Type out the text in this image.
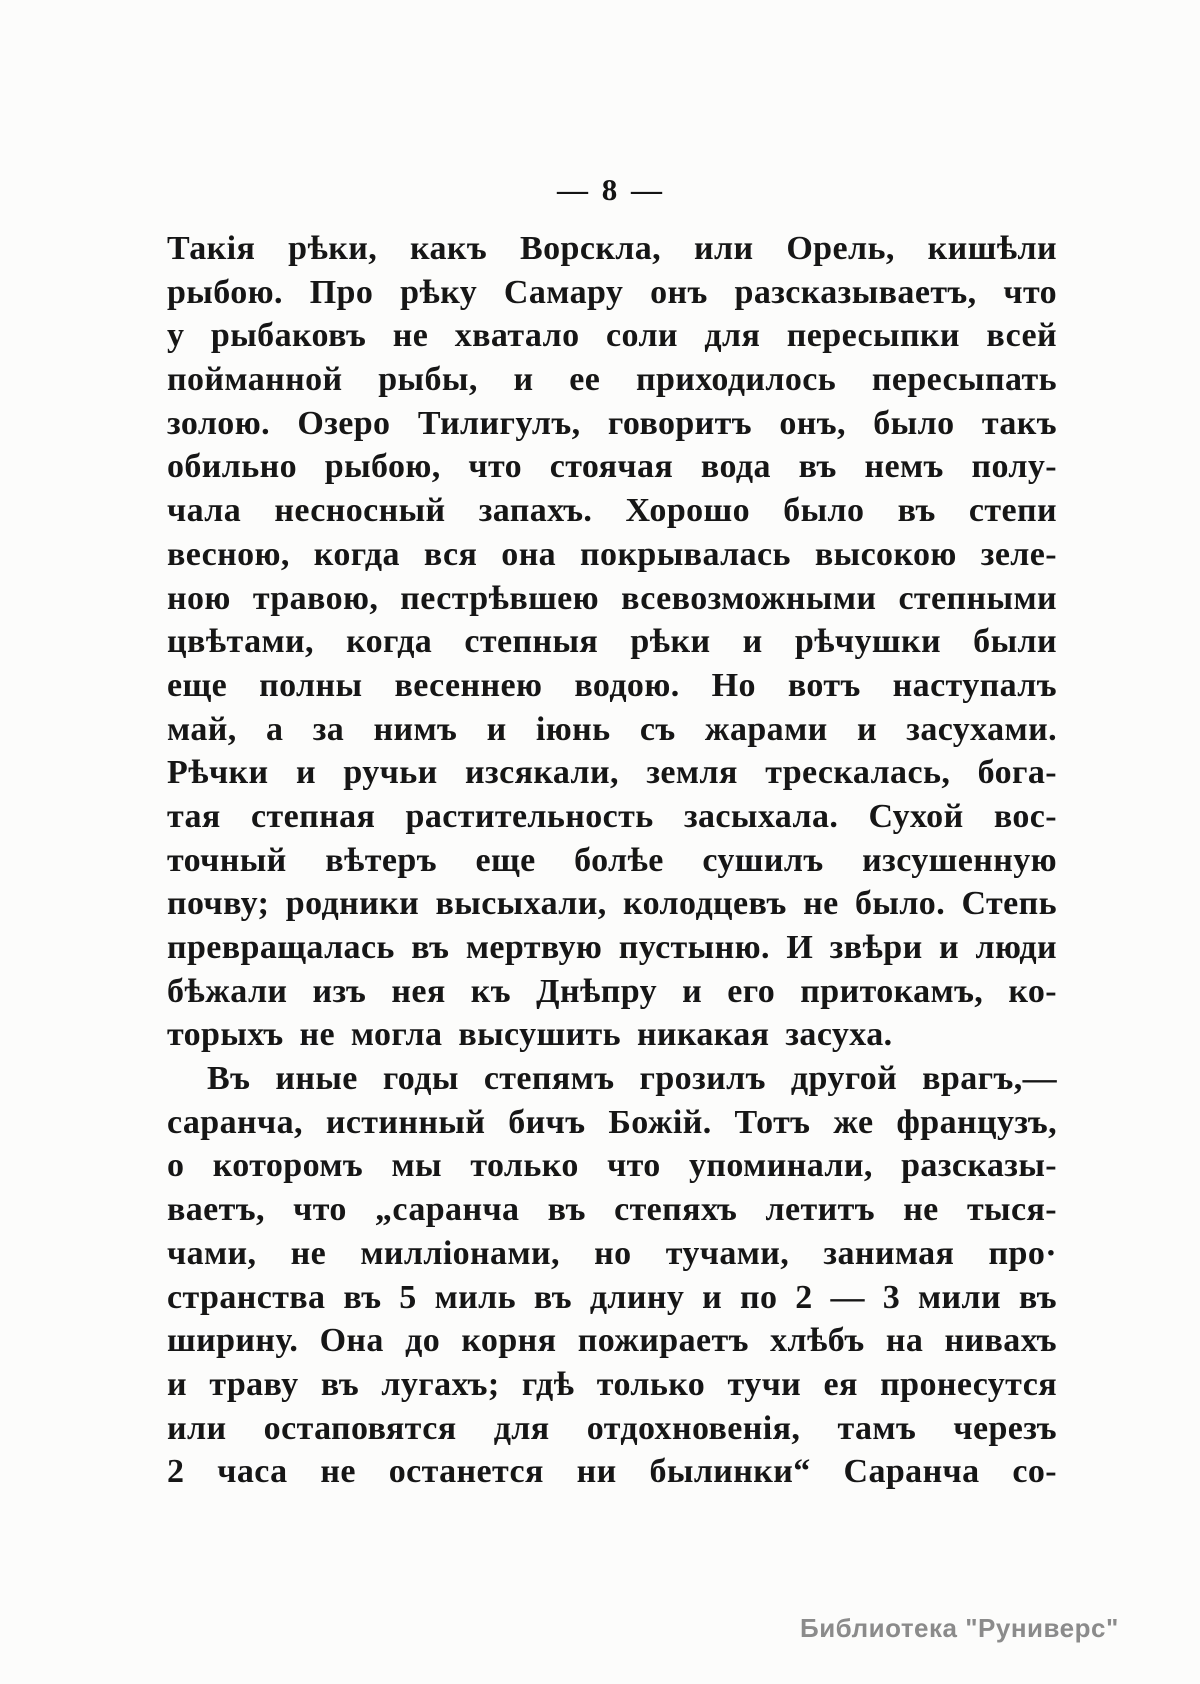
— 8 —
Такія рѣки, какъ Ворскла, или Орель, кишѣли
рыбою. Про рѣку Самару онъ разсказываетъ, что
у рыбаковъ не хватало соли для пересыпки всей
пойманной рыбы, и ее приходилось пересыпать
золою. Озеро Тилигулъ, говоритъ онъ, было такъ
обильно рыбою, что стоячая вода въ немъ полу-
чала несносный запахъ. Хорошо было въ степи
весною, когда вся она покрывалась высокою зеле-
ною травою, пестрѣвшею всевозможными степными
цвѣтами, когда степныя рѣки и рѣчушки были
еще полны весеннею водою. Но вотъ наступалъ
май, а за нимъ и іюнь съ жарами и засухами.
Рѣчки и ручьи изсякали, земля трескалась, бога-
тая степная растительность засыхала. Сухой вос-
точный вѣтеръ еще болѣе сушилъ изсушенную
почву; родники высыхали, колодцевъ не было. Степь
превращалась въ мертвую пустыню. И звѣри и люди
бѣжали изъ нея къ Днѣпру и его притокамъ, ко-
торыхъ не могла высушить никакая засуха.
Въ иные годы степямъ грозилъ другой врагъ,—
саранча, истинный бичъ Божій. Тотъ же французъ,
о которомъ мы только что упоминали, разсказы-
ваетъ, что „саранча въ степяхъ летитъ не тыся-
чами, не милліонами, но тучами, занимая про·
странства въ 5 миль въ длину и по 2 — 3 мили въ
ширину. Она до корня пожираетъ хлѣбъ на нивахъ
и траву въ лугахъ; гдѣ только тучи ея пронесутся
или остаповятся для отдохновенія, тамъ черезъ
2 часа не останется ни былинки“ Саранча со-
Библиотека "Руниверс"
